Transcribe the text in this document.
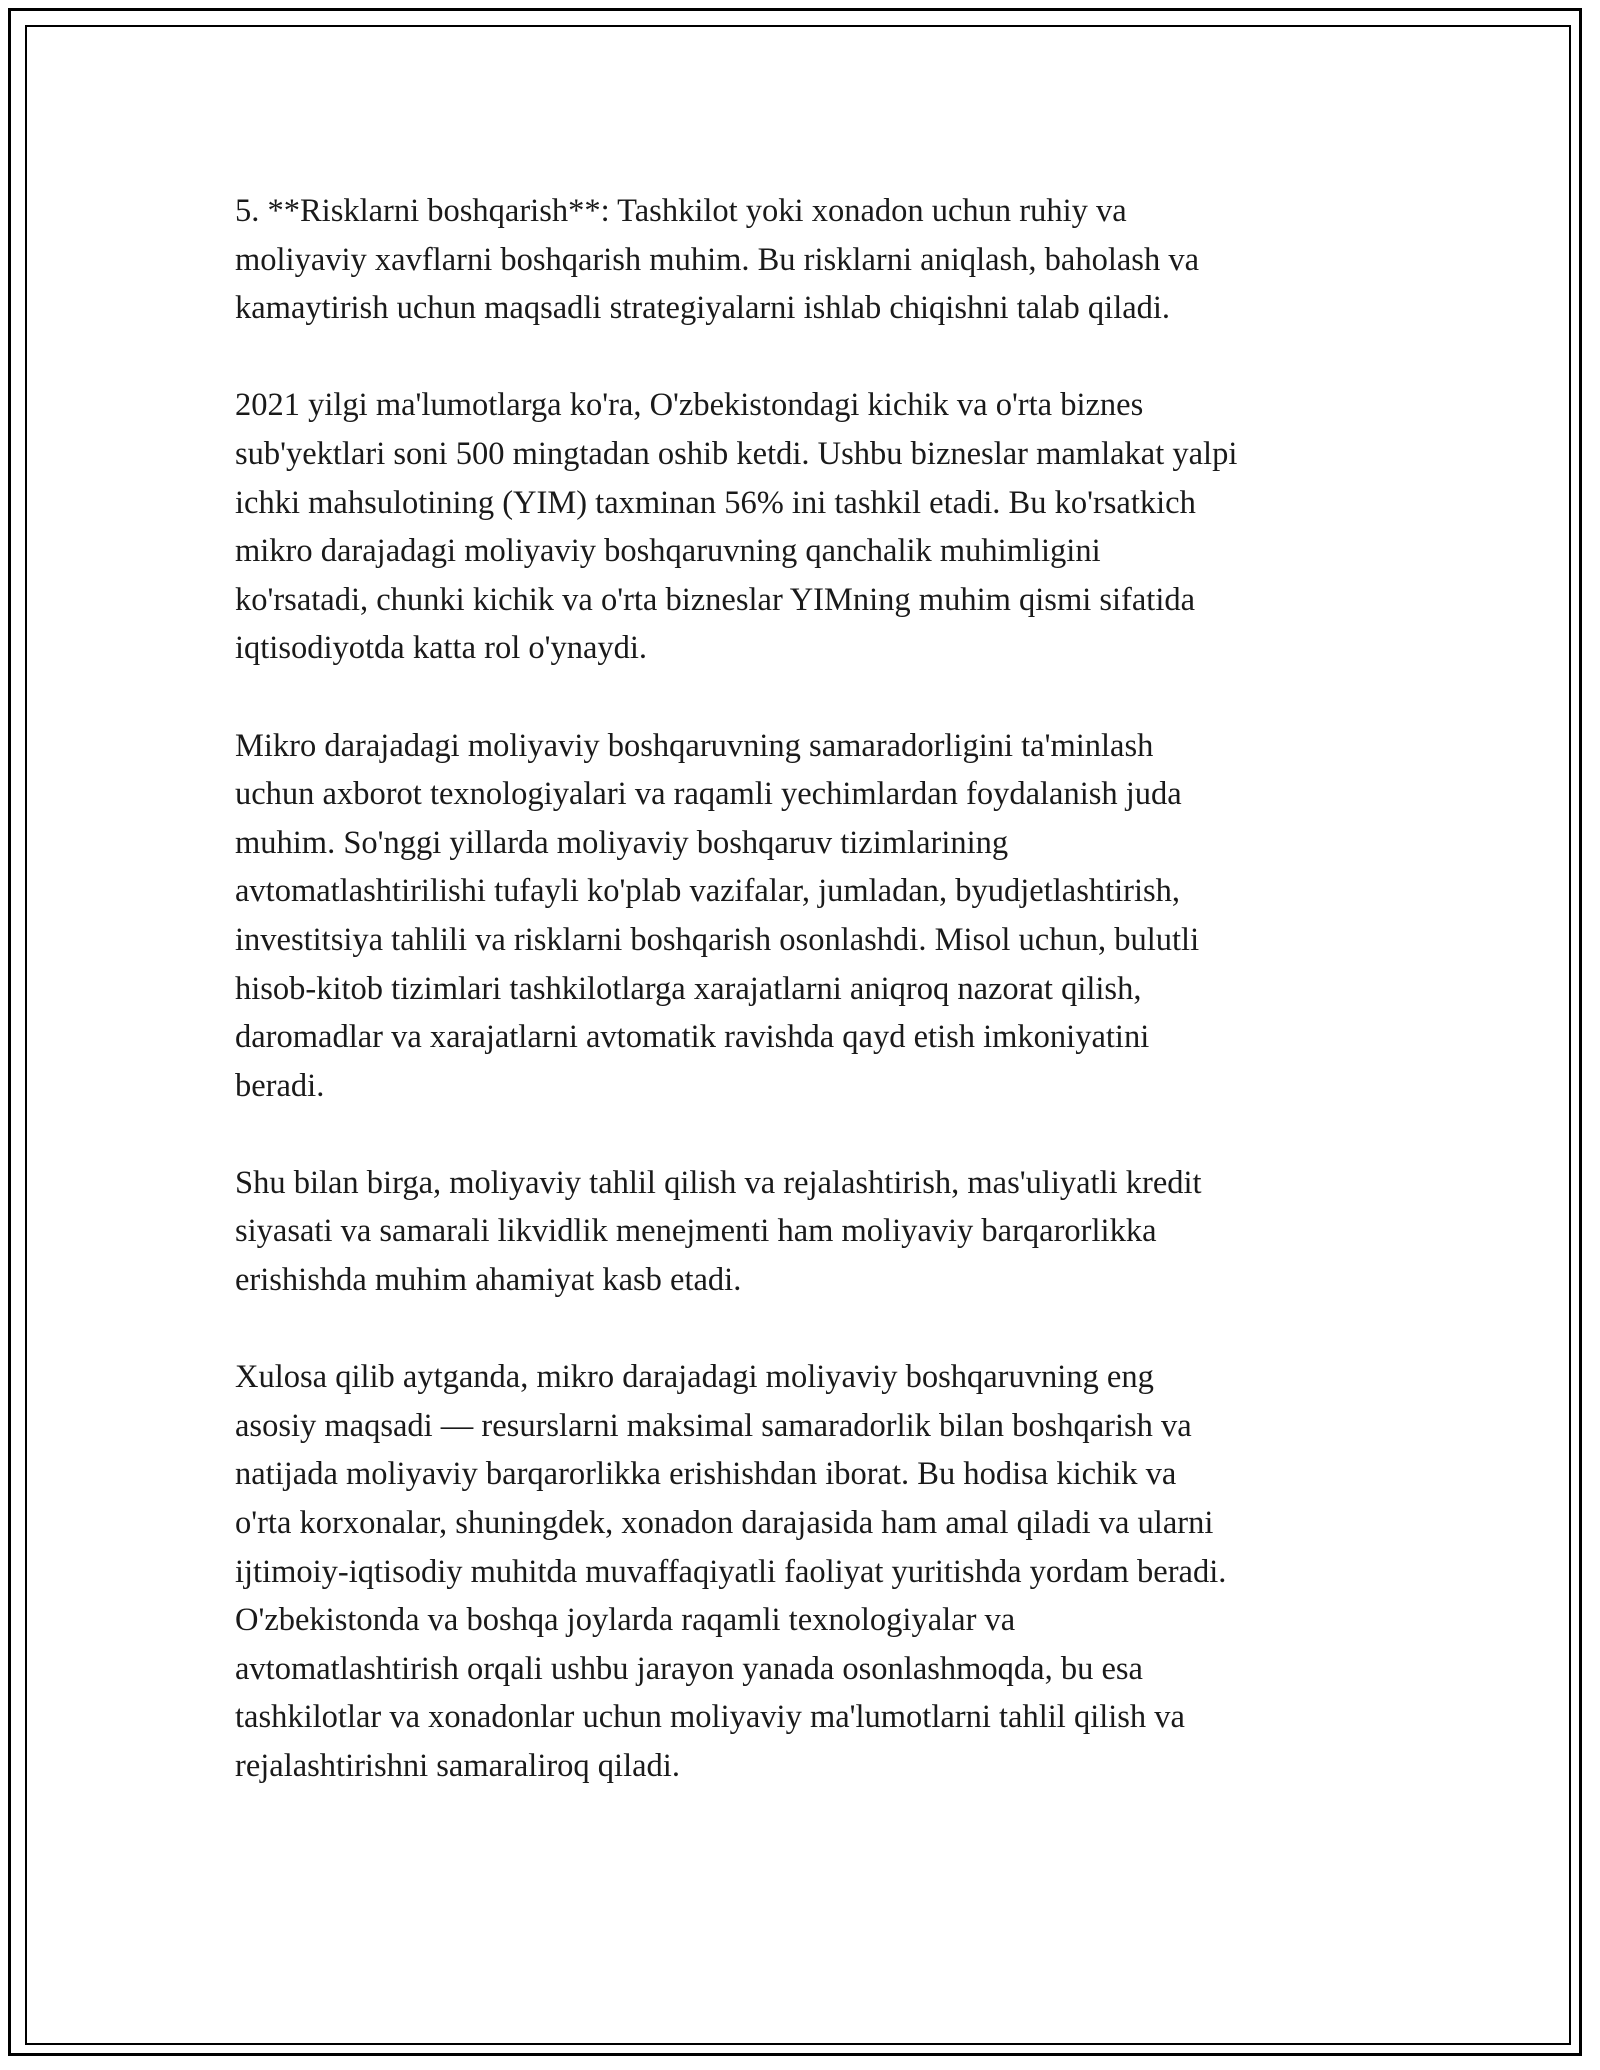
5. **Risklarni boshqarish**: Tashkilot yoki xonadon uchun ruhiy va
moliyaviy xavflarni boshqarish muhim. Bu risklarni aniqlash, baholash va
kamaytirish uchun maqsadli strategiyalarni ishlab chiqishni talab qiladi.

2021 yilgi ma'lumotlarga ko'ra, O'zbekistondagi kichik va o'rta biznes
sub'yektlari soni 500 mingtadan oshib ketdi. Ushbu bizneslar mamlakat yalpi
ichki mahsulotining (YIM) taxminan 56% ini tashkil etadi. Bu ko'rsatkich
mikro darajadagi moliyaviy boshqaruvning qanchalik muhimligini
ko'rsatadi, chunki kichik va o'rta bizneslar YIMning muhim qismi sifatida
iqtisodiyotda katta rol o'ynaydi.

Mikro darajadagi moliyaviy boshqaruvning samaradorligini ta'minlash
uchun axborot texnologiyalari va raqamli yechimlardan foydalanish juda
muhim. So'nggi yillarda moliyaviy boshqaruv tizimlarining
avtomatlashtirilishi tufayli ko'plab vazifalar, jumladan, byudjetlashtirish,
investitsiya tahlili va risklarni boshqarish osonlashdi. Misol uchun, bulutli
hisob-kitob tizimlari tashkilotlarga xarajatlarni aniqroq nazorat qilish,
daromadlar va xarajatlarni avtomatik ravishda qayd etish imkoniyatini
beradi.

Shu bilan birga, moliyaviy tahlil qilish va rejalashtirish, mas'uliyatli kredit
siyasati va samarali likvidlik menejmenti ham moliyaviy barqarorlikka
erishishda muhim ahamiyat kasb etadi.

Xulosa qilib aytganda, mikro darajadagi moliyaviy boshqaruvning eng
asosiy maqsadi — resurslarni maksimal samaradorlik bilan boshqarish va
natijada moliyaviy barqarorlikka erishishdan iborat. Bu hodisa kichik va
o'rta korxonalar, shuningdek, xonadon darajasida ham amal qiladi va ularni
ijtimoiy-iqtisodiy muhitda muvaffaqiyatli faoliyat yuritishda yordam beradi.
O'zbekistonda va boshqa joylarda raqamli texnologiyalar va
avtomatlashtirish orqali ushbu jarayon yanada osonlashmoqda, bu esa
tashkilotlar va xonadonlar uchun moliyaviy ma'lumotlarni tahlil qilish va
rejalashtirishni samaraliroq qiladi.
